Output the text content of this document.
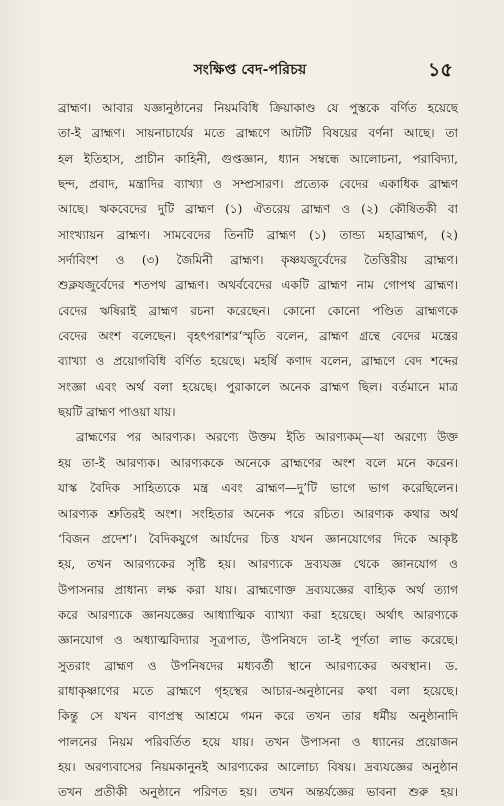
সংক্ষিপ্ত বেদ-পরিচয়	১৫
ব্রাহ্মণ। আবার যজ্ঞানুষ্ঠানের নিয়মবিধি ক্রিয়াকাণ্ড যে পুস্তকে বর্ণিত হয়েছে
তা-ই ব্রাহ্মণ। সায়নাচার্যের মতে ব্রাহ্মণে আটটি বিষয়ের বর্ণনা আছে। তা
হল ইতিহাস, প্রাচীন কাহিনী, গুপ্তজ্ঞান, ধ্যান সম্বন্ধে আলোচনা, পরাবিদ্যা,
ছন্দ, প্রবাদ, মন্ত্রাদির ব্যাখ্যা ও সম্প্রসারণ। প্রত্যেক বেদের একাধিক ব্রাহ্মণ
আছে। ঋকবেদের দুটি ব্রাহ্মণ (১) ঐতরেয় ব্রাহ্মণ ও (২) কৌষিতকী বা
সাংখ্যায়ন ব্রাহ্মণ। সামবেদের তিনটি ব্রাহ্মণ (১) তান্ড্য মহাব্রাহ্মণ, (২)
সর্দাবিংশ ও (৩) জৈমিনী ব্রাহ্মণ। কৃষ্ণযজুর্বেদের তৈত্তিরীয় ব্রাহ্মণ।
শুক্লযজুর্বেদের শতপথ ব্রাহ্মণ। অথর্ববেদের একটি ব্রাহ্মণ নাম গোপথ ব্রাহ্মণ।
বেদের ঋষিরাই ব্রাহ্মণ রচনা করেছেন। কোনো কোনো পণ্ডিত ব্রাহ্মণকে
বেদের অংশ বলেছেন। বৃহৎপরাশর‘স্মৃতি বলেন, ব্রাহ্মণ গ্রন্থে বেদের মন্ত্রের
ব্যাখ্যা ও প্রয়োগবিধি বর্ণিত হয়েছে। মহর্ষি কণাদ বলেন, ব্রাহ্মণে বেদ শব্দের
সংজ্ঞা এবং অর্থ বলা হয়েছে। পুরাকালে অনেক ব্রাহ্মণ ছিল। বর্তমানে মাত্র
ছয়টি ব্রাহ্মণ পাওয়া যায়।
ব্রাহ্মণের পর আরণ্যক। অরণ্যে উক্তম ইতি আরণ্যকম্—যা অরণ্যে উক্ত
হয় তা-ই আরণ্যক। আরণ্যককে অনেকে ব্রাহ্মণের অংশ বলে মনে করেন।
যাস্ক বৈদিক সাহিত্যকে মন্ত্র এবং ব্রাহ্মণ—দু’টি ভাগে ভাগ করেছিলেন।
আরণ্যক শ্রুতিরই অংশ। সংহিতার অনেক পরে রচিত। আরণ্যক কথার অর্থ
‘বিজন প্রদেশ’। বৈদিকযুগে আর্যদের চিত্ত যখন জ্ঞানযোগের দিকে আকৃষ্ট
হয়, তখন আরণ্যকের সৃষ্টি হয়। আরণ্যকে দ্রব্যযজ্ঞ থেকে জ্ঞানযোগ ও
উপাসনার প্রাধান্য লক্ষ করা যায়। ব্রাহ্মণোক্ত দ্রব্যযজ্ঞের বাহ্যিক অর্থ ত্যাগ
করে আরণ্যকে জ্ঞানযজ্ঞের আধ্যাত্মিক ব্যাখ্যা করা হয়েছে। অর্থাৎ আরণ্যকে
জ্ঞানযোগ ও অধ্যাত্মবিদ্যার সূত্রপাত, উপনিষদে তা-ই পূর্ণতা লাভ করেছে।
সুতরাং ব্রাহ্মণ ও উপনিষদের মধ্যবর্তী স্থানে আরণ্যকের অবস্থান। ড.
রাধাকৃষ্ণাণের মতে ব্রাহ্মণে গৃহস্থের আচার-অনুষ্ঠানের কথা বলা হয়েছে।
কিন্তু সে যখন বাণপ্রস্থ আশ্রমে গমন করে তখন তার ধর্মীয় অনুষ্ঠানাদি
পালনের নিয়ম পরিবর্তিত হয়ে যায়। তখন উপাসনা ও ধ্যানের প্রয়োজন
হয়। অরণ্যবাসের নিয়মকানুনই আরণ্যকের আলোচ্য বিষয়। দ্রব্যযজ্ঞের অনুষ্ঠান
তখন প্রতীকী অনুষ্ঠানে পরিণত হয়। তখন অন্তর্যজ্ঞের ভাবনা শুরু হয়।
